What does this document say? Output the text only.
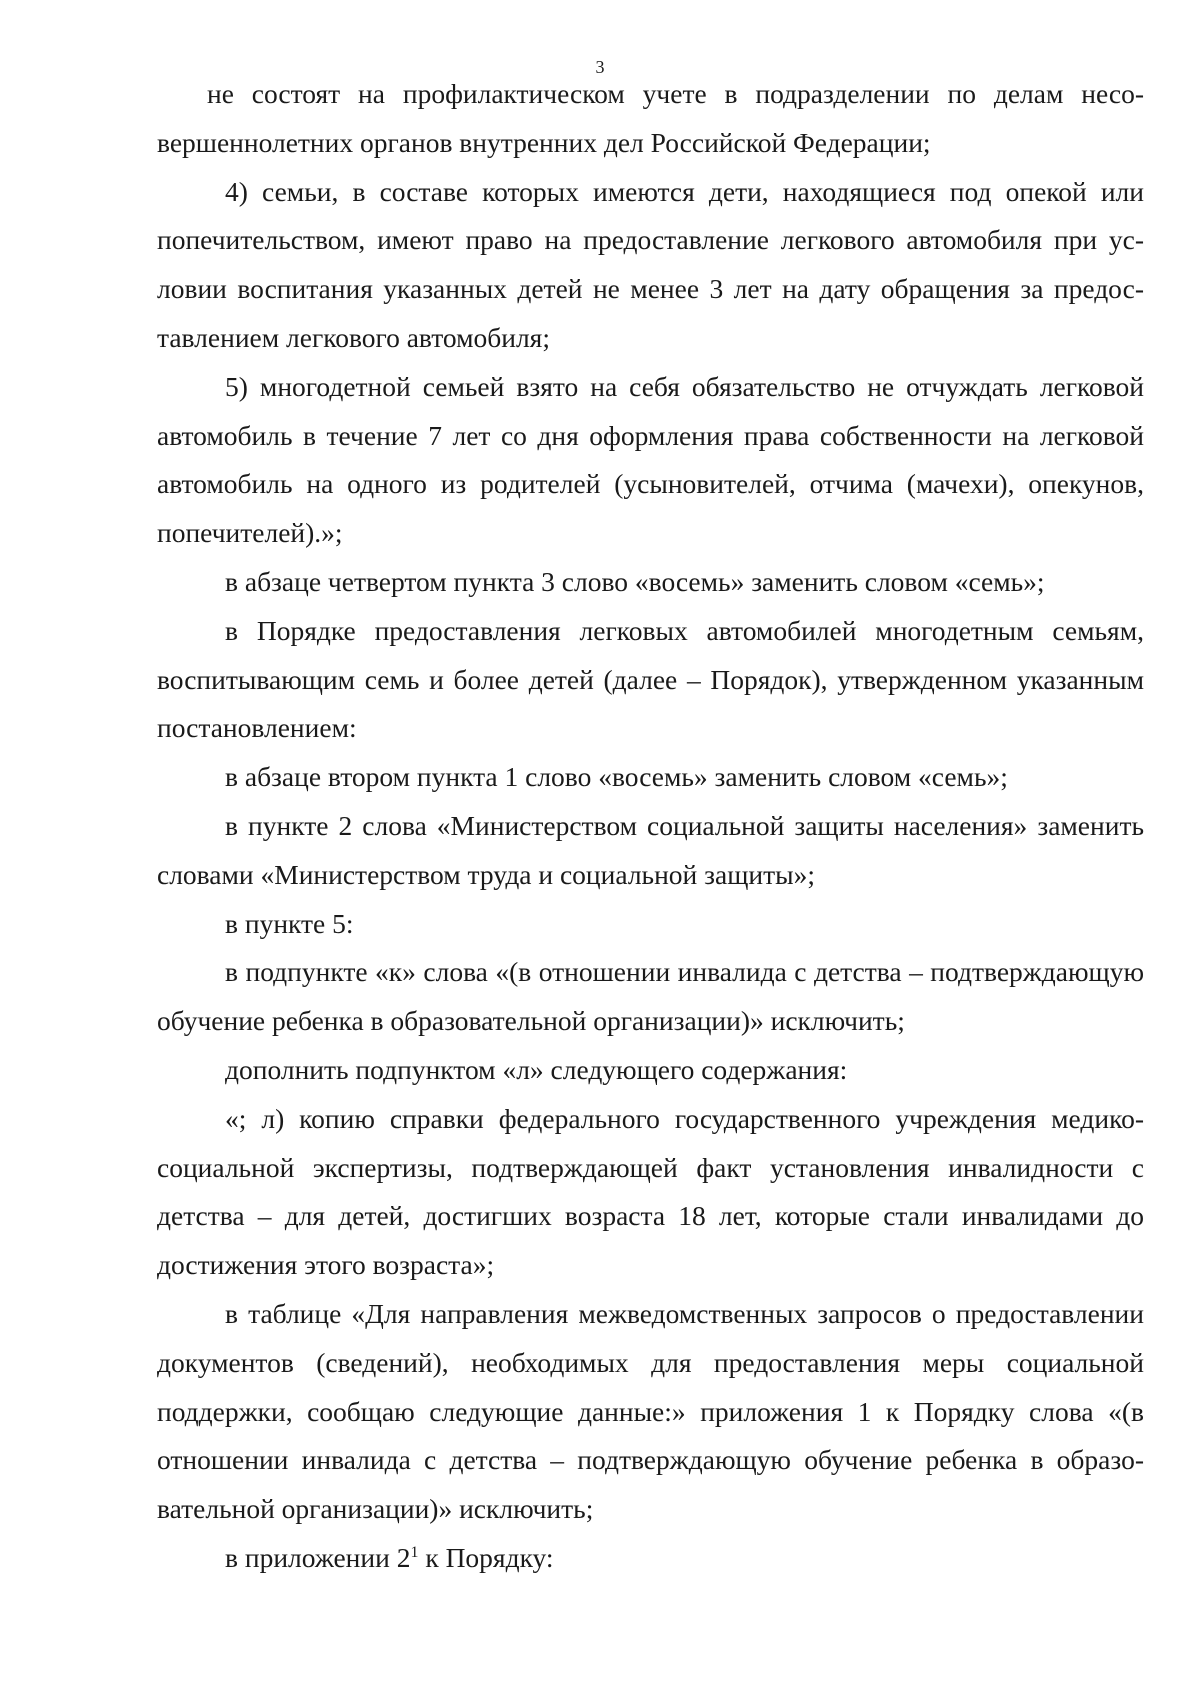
3

не состоят на профилактическом учете в подразделении по делам несовершеннолетних органов внутренних дел Российской Федерации;

4) семьи, в составе которых имеются дети, находящиеся под опекой или попечительством, имеют право на предоставление легкового автомобиля при условии воспитания указанных детей не менее 3 лет на дату обращения за предоставлением легкового автомобиля;

5) многодетной семьей взято на себя обязательство не отчуждать легковой автомобиль в течение 7 лет со дня оформления права собственности на легковой автомобиль на одного из родителей (усыновителей, отчима (мачехи), опекунов, попечителей).»;

в абзаце четвертом пункта 3 слово «восемь» заменить словом «семь»;

в Порядке предоставления легковых автомобилей многодетным семьям, воспитывающим семь и более детей (далее – Порядок), утвержденном указанным постановлением:

в абзаце втором пункта 1 слово «восемь» заменить словом «семь»;

в пункте 2 слова «Министерством социальной защиты населения» заменить словами «Министерством труда и социальной защиты»;

в пункте 5:

в подпункте «к» слова «(в отношении инвалида с детства – подтверждающую обучение ребенка в образовательной организации)» исключить;

дополнить подпунктом «л» следующего содержания:

«; л) копию справки федерального государственного учреждения медико-социальной экспертизы, подтверждающей факт установления инвалидности с детства – для детей, достигших возраста 18 лет, которые стали инвалидами до достижения этого возраста»;

в таблице «Для направления межведомственных запросов о предоставлении документов (сведений), необходимых для предоставления меры социальной поддержки, сообщаю следующие данные:» приложения 1 к Порядку слова «(в отношении инвалида с детства – подтверждающую обучение ребенка в образовательной организации)» исключить;

в приложении $2^1$ к Порядку:
